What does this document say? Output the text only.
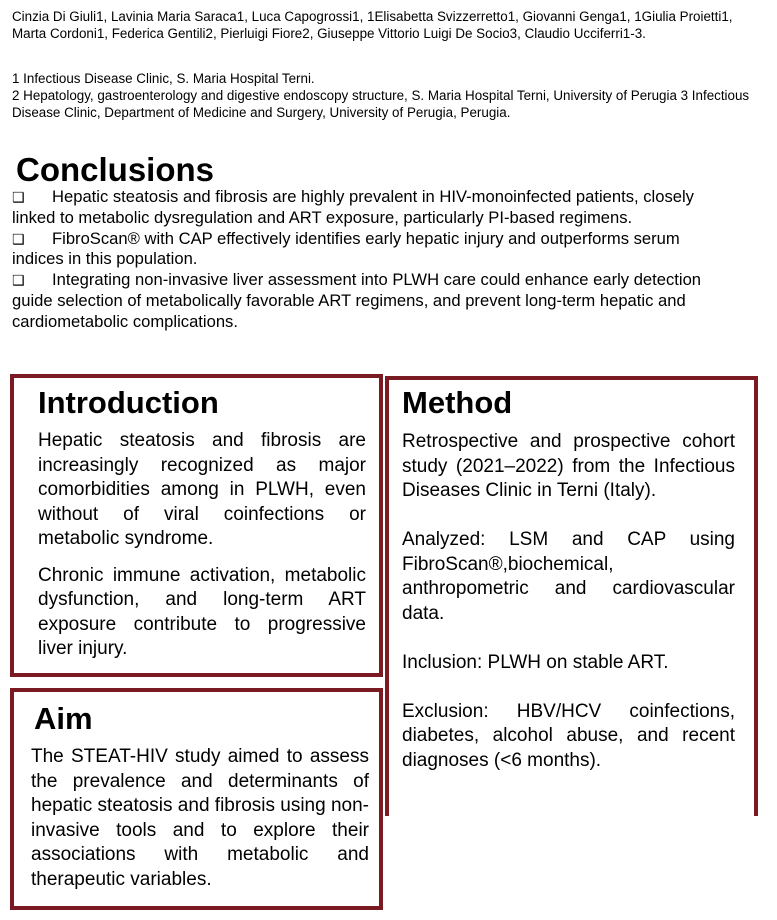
Cinzia Di Giuli1, Lavinia Maria Saraca1, Luca Capogrossi1, 1Elisabetta Svizzerretto1, Giovanni Genga1, 1Giulia Proietti1, Marta Cordoni1, Federica Gentili2, Pierluigi Fiore2, Giuseppe Vittorio Luigi De Socio3, Claudio Ucciferri1-3.
1 Infectious Disease Clinic, S. Maria Hospital Terni.
2 Hepatology, gastroenterology and digestive endoscopy structure, S. Maria Hospital Terni, University of Perugia 3 Infectious Disease Clinic, Department of Medicine and Surgery, University of Perugia, Perugia.
Conclusions
❑ Hepatic steatosis and fibrosis are highly prevalent in HIV-monoinfected patients, closely linked to metabolic dysregulation and ART exposure, particularly PI-based regimens.
❑ FibroScan® with CAP effectively identifies early hepatic injury and outperforms serum indices in this population.
❑ Integrating non-invasive liver assessment into PLWH care could enhance early detection guide selection of metabolically favorable ART regimens, and prevent long-term hepatic and cardiometabolic complications.
Introduction

Hepatic steatosis and fibrosis are increasingly recognized as major comorbidities among in PLWH, even without of viral coinfections or metabolic syndrome.

Chronic immune activation, metabolic dysfunction, and long-term ART exposure contribute to progressive liver injury.

Aim

The STEAT-HIV study aimed to assess the prevalence and determinants of hepatic steatosis and fibrosis using non-invasive tools and to explore their associations with metabolic and therapeutic variables.

Method

Retrospective and prospective cohort study (2021–2022) from the Infectious Diseases Clinic in Terni (Italy).

Analyzed: LSM and CAP using FibroScan®,biochemical, anthropometric and cardiovascular data.

Inclusion: PLWH on stable ART.

Exclusion: HBV/HCV coinfections, diabetes, alcohol abuse, and recent diagnoses (<6 months).
